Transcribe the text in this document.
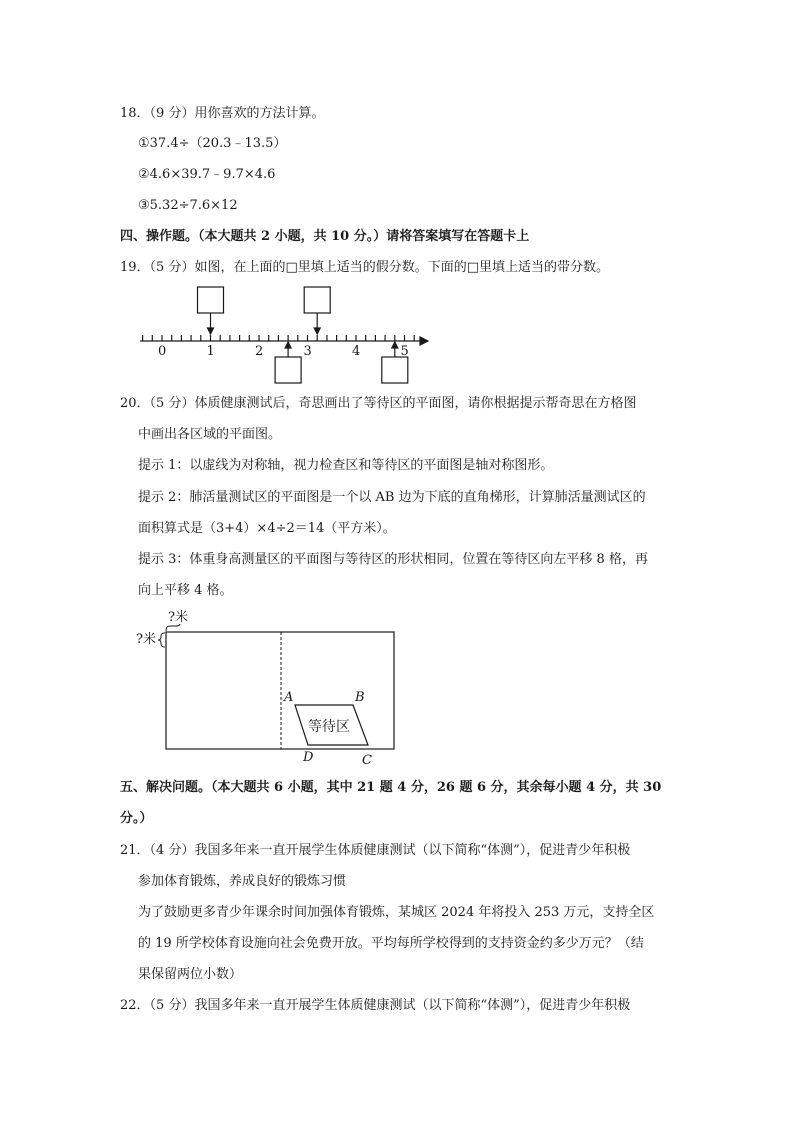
18．（9 分）用你喜欢的方法计算。
①37.4÷（20.3﹣13.5）
②4.6×39.7﹣9.7×4.6
③5.32÷7.6×12
四、操作题。（本大题共 2 小题，共 10 分。）请将答案填写在答题卡上
19．（5 分）如图，在上面的□里填上适当的假分数。下面的□里填上适当的带分数。
0	1	2	3	4	5
20．（5 分）体质健康测试后，奇思画出了等待区的平面图，请你根据提示帮奇思在方格图
中画出各区域的平面图。
提示 1：以虚线为对称轴，视力检查区和等待区的平面图是轴对称图形。
提示 2：肺活量测试区的平面图是一个以 AB 边为下底的直角梯形，计算肺活量测试区的
面积算式是（3+4）×4÷2＝14（平方米）。
提示 3：体重身高测量区的平面图与等待区的形状相同，位置在等待区向左平移 8 格，再
向上平移 4 格。
?米
?米
A	B
C
D
等待区
五、解决问题。（本大题共 6 小题，其中 21 题 4 分，26 题 6 分，其余每小题 4 分，共 30
分。）
21．（4 分）我国多年来一直开展学生体质健康测试（以下简称“体测”），促进青少年积极
参加体育锻炼，养成良好的锻炼习惯
为了鼓励更多青少年课余时间加强体育锻炼，某城区 2024 年将投入 253 万元，支持全区
的 19 所学校体育设施向社会免费开放。平均每所学校得到的支持资金约多少万元？（结
果保留两位小数）
22．（5 分）我国多年来一直开展学生体质健康测试（以下简称“体测”），促进青少年积极
